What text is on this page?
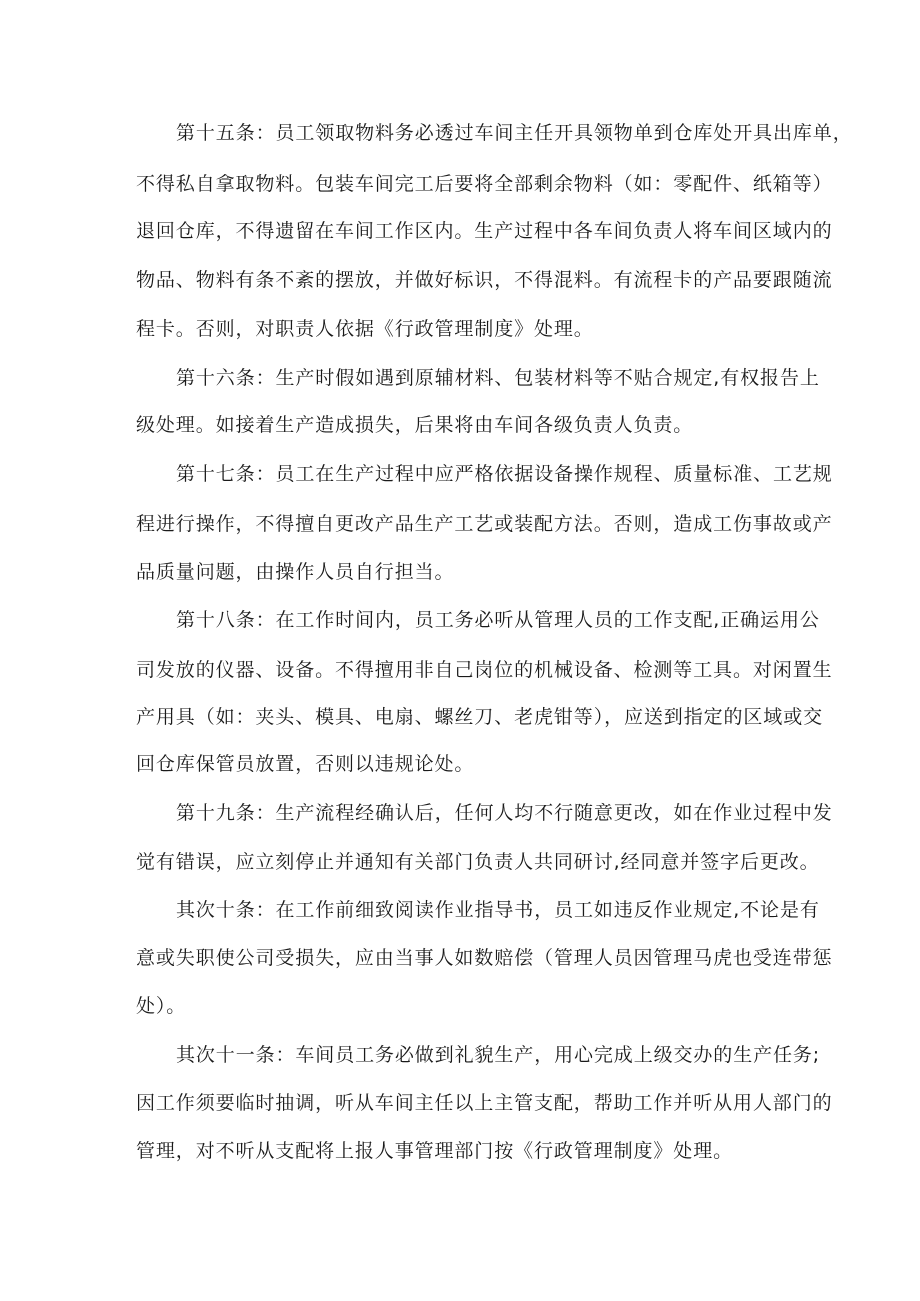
第十五条：员工领取物料务必透过车间主任开具领物单到仓库处开具出库单，
不得私自拿取物料。包装车间完工后要将全部剩余物料（如：零配件、纸箱等）
退回仓库，不得遗留在车间工作区内。生产过程中各车间负责人将车间区域内的
物品、物料有条不紊的摆放，并做好标识，不得混料。有流程卡的产品要跟随流
程卡。否则，对职责人依据《行政管理制度》处理。
第十六条：生产时假如遇到原辅材料、包装材料等不贴合规定,有权报告上
级处理。如接着生产造成损失，后果将由车间各级负责人负责。
第十七条：员工在生产过程中应严格依据设备操作规程、质量标准、工艺规
程进行操作，不得擅自更改产品生产工艺或装配方法。否则，造成工伤事故或产
品质量问题，由操作人员自行担当。
第十八条：在工作时间内，员工务必听从管理人员的工作支配,正确运用公
司发放的仪器、设备。不得擅用非自己岗位的机械设备、检测等工具。对闲置生
产用具（如：夹头、模具、电扇、螺丝刀、老虎钳等），应送到指定的区域或交
回仓库保管员放置，否则以违规论处。
第十九条：生产流程经确认后，任何人均不行随意更改，如在作业过程中发
觉有错误，应立刻停止并通知有关部门负责人共同研讨,经同意并签字后更改。
其次十条：在工作前细致阅读作业指导书，员工如违反作业规定,不论是有
意或失职使公司受损失，应由当事人如数赔偿（管理人员因管理马虎也受连带惩
处）。
其次十一条：车间员工务必做到礼貌生产，用心完成上级交办的生产任务;
因工作须要临时抽调，听从车间主任以上主管支配，帮助工作并听从用人部门的
管理，对不听从支配将上报人事管理部门按《行政管理制度》处理。
